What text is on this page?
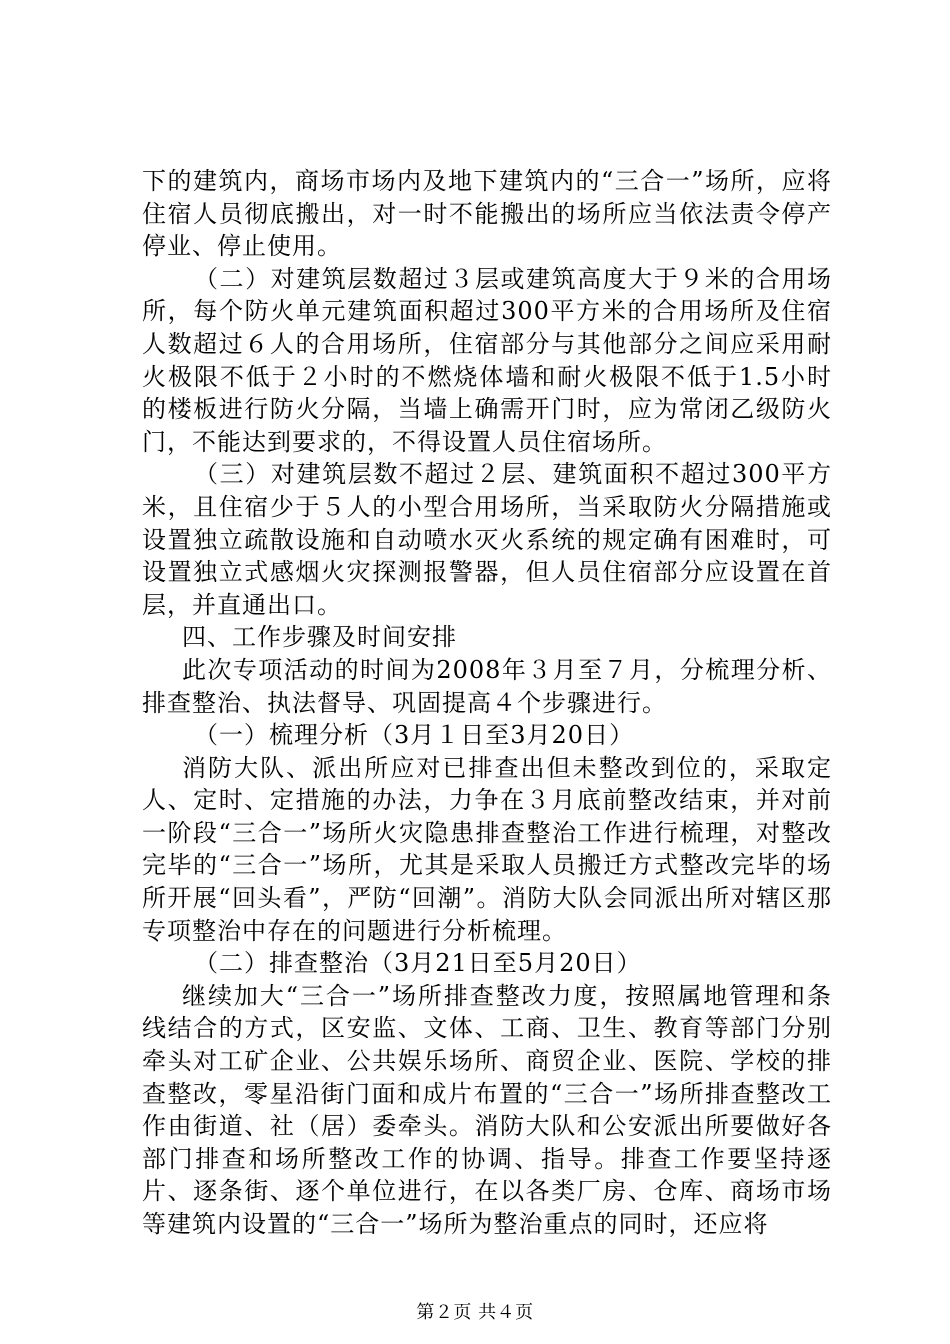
下的建筑内，商场市场内及地下建筑内的“三合一”场所，应将住宿人员彻底搬出，对一时不能搬出的场所应当依法责令停产停业、停止使用。

（二）对建筑层数超过３层或建筑高度大于９米的合用场所，每个防火单元建筑面积超过300平方米的合用场所及住宿人数超过６人的合用场所，住宿部分与其他部分之间应采用耐火极限不低于２小时的不燃烧体墙和耐火极限不低于1.5小时的楼板进行防火分隔，当墙上确需开门时，应为常闭乙级防火门，不能达到要求的，不得设置人员住宿场所。

（三）对建筑层数不超过２层、建筑面积不超过300平方米，且住宿少于５人的小型合用场所，当采取防火分隔措施或设置独立疏散设施和自动喷水灭火系统的规定确有困难时，可设置独立式感烟火灾探测报警器，但人员住宿部分应设置在首层，并直通出口。

四、工作步骤及时间安排

此次专项活动的时间为2008年３月至７月，分梳理分析、排查整治、执法督导、巩固提高４个步骤进行。

（一）梳理分析（3月１日至3月20日）

消防大队、派出所应对已排查出但未整改到位的，采取定人、定时、定措施的办法，力争在３月底前整改结束，并对前一阶段“三合一”场所火灾隐患排查整治工作进行梳理，对整改完毕的“三合一”场所，尤其是采取人员搬迁方式整改完毕的场所开展“回头看”，严防“回潮”。消防大队会同派出所对辖区那专项整治中存在的问题进行分析梳理。

（二）排查整治（3月21日至5月20日）

继续加大“三合一”场所排查整改力度，按照属地管理和条线结合的方式，区安监、文体、工商、卫生、教育等部门分别牵头对工矿企业、公共娱乐场所、商贸企业、医院、学校的排查整改，零星沿街门面和成片布置的“三合一”场所排查整改工作由街道、社（居）委牵头。消防大队和公安派出所要做好各部门排查和场所整改工作的协调、指导。排查工作要坚持逐片、逐条街、逐个单位进行，在以各类厂房、仓库、商场市场等建筑内设置的“三合一”场所为整治重点的同时，还应将

第２页 共４页
